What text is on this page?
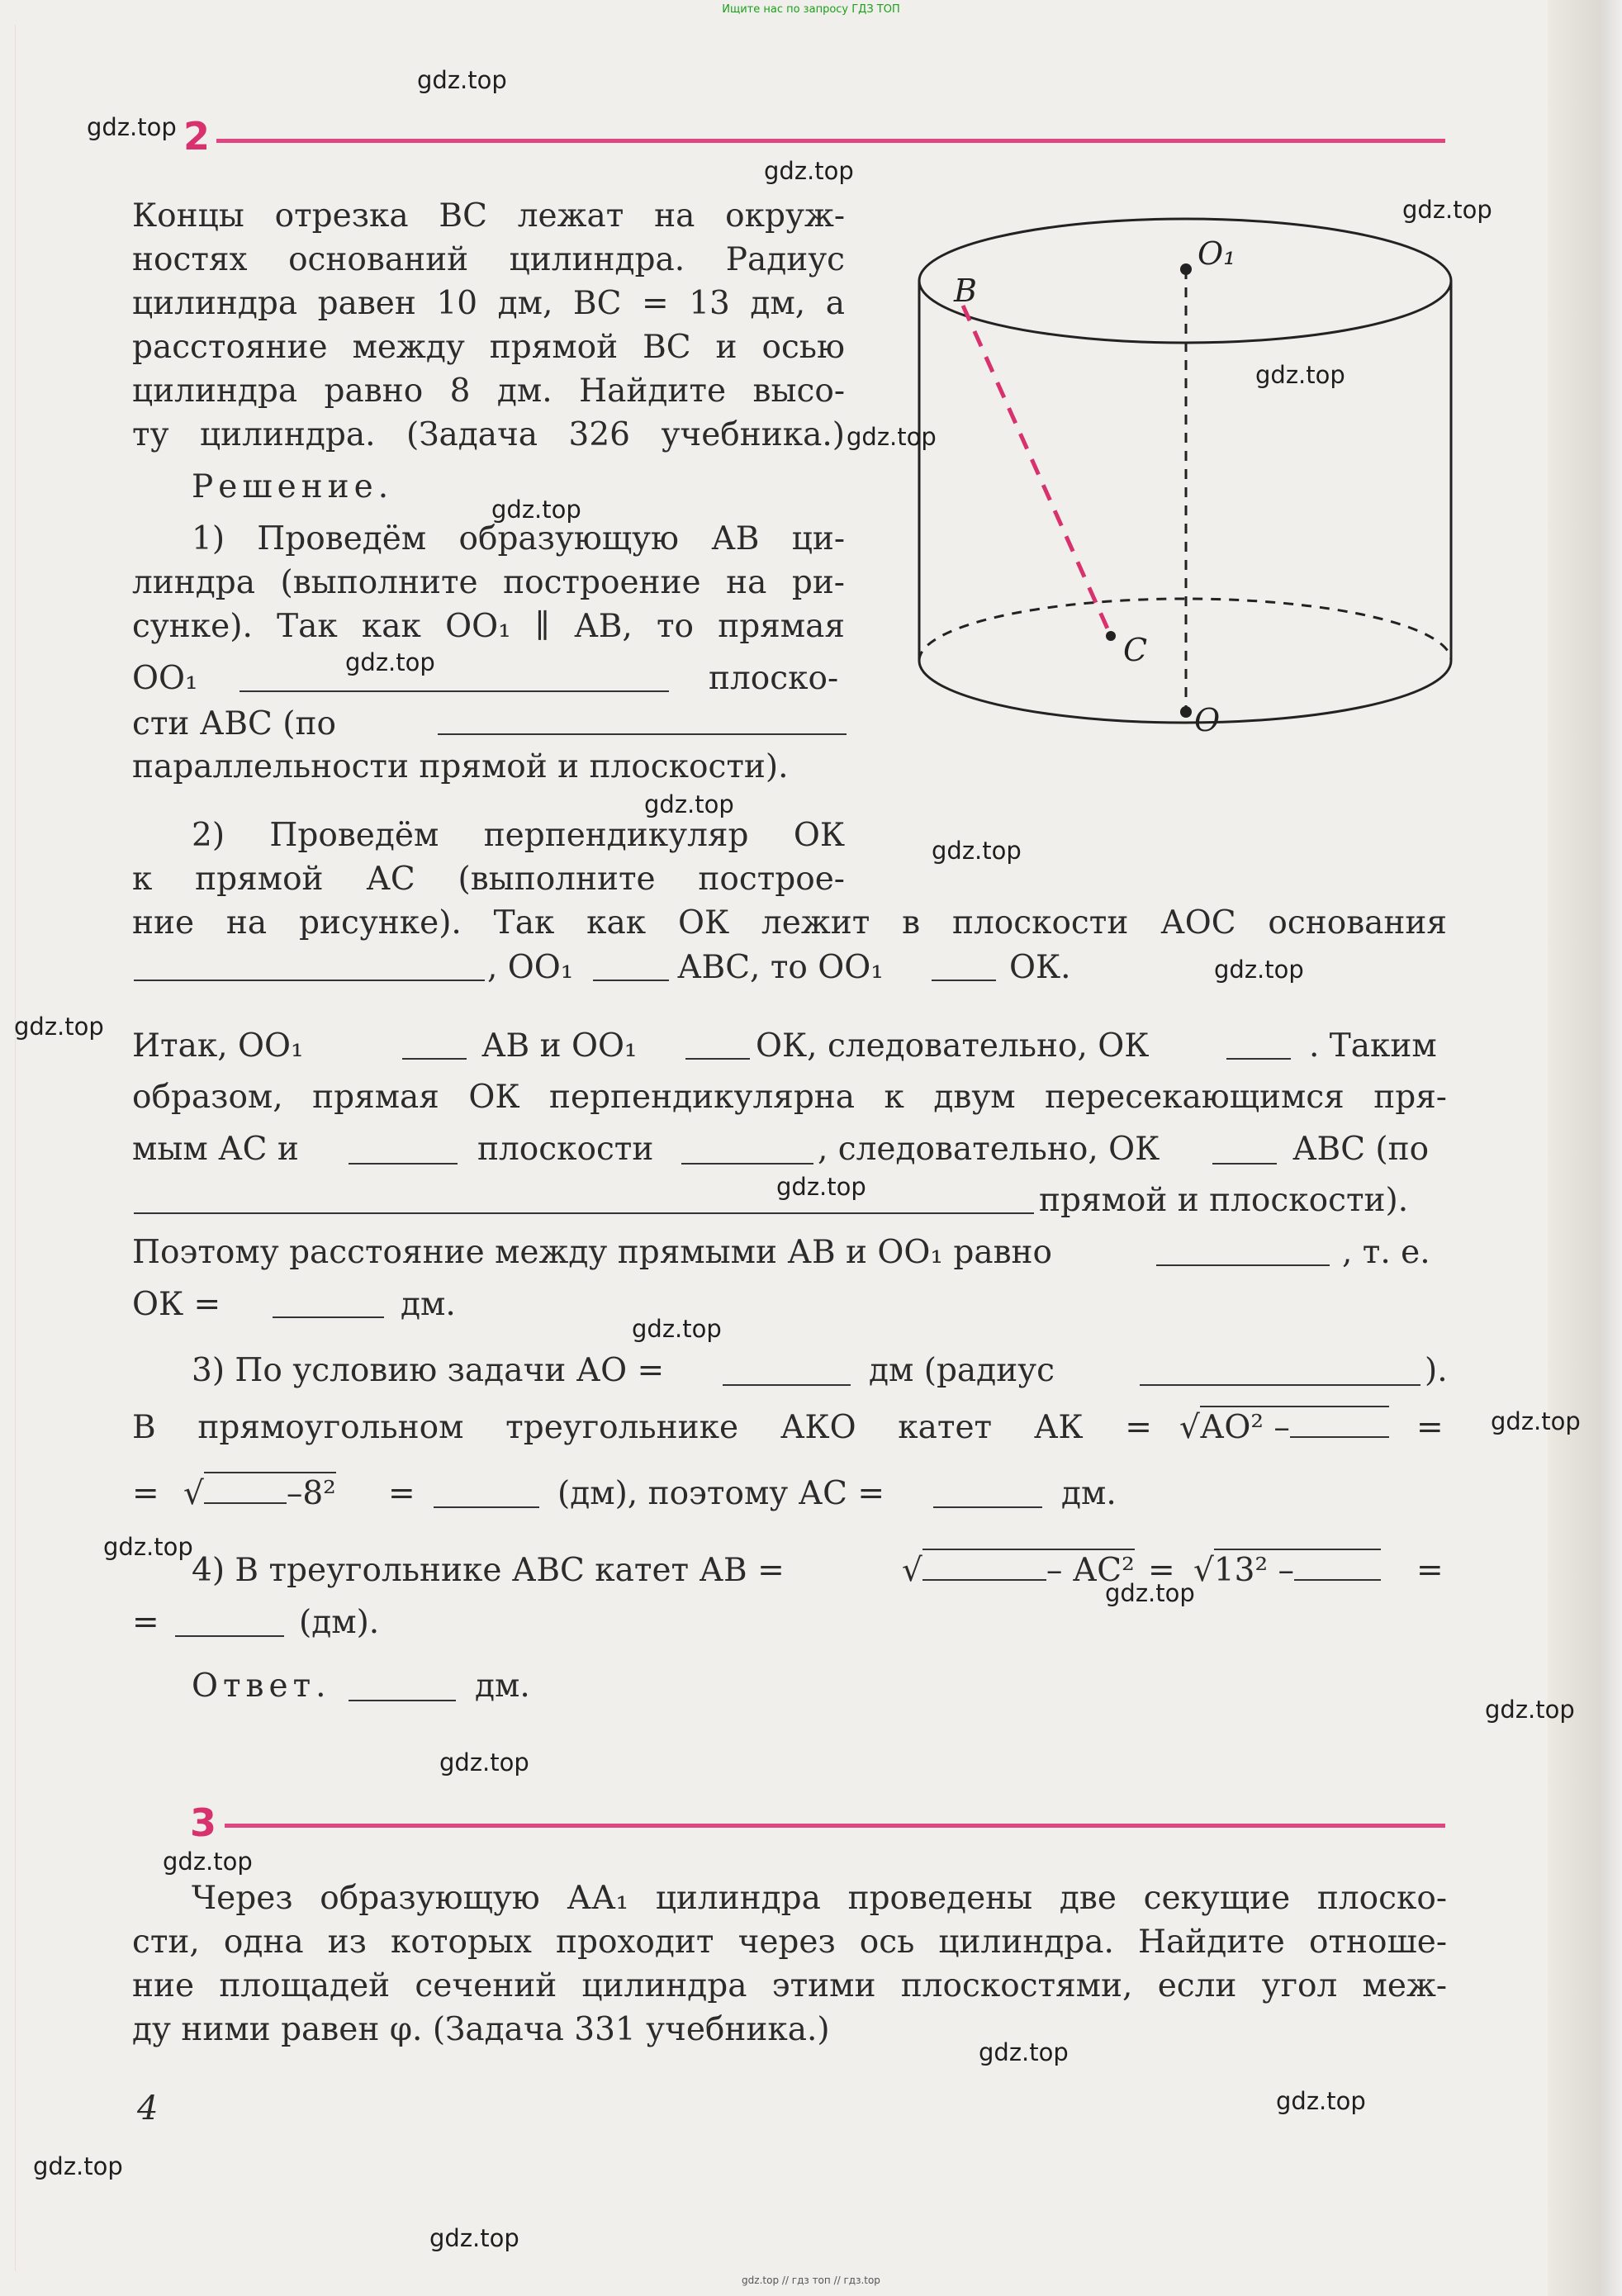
Ищите нас по запросу ГДЗ ТОП
2
Концы отрезка ВС лежат на окруж-
ностях оснований цилиндра. Радиус
цилиндра равен 10 дм, ВС = 13 дм, а
расстояние между прямой ВС и осью
цилиндра равно 8 дм. Найдите высо-
ту цилиндра. (Задача 326 учебника.)
Решение.
1) Проведём образующую АВ ци-
линдра (выполните построение на ри-
сунке). Так как OO₁ ∥ АВ, то прямая
OO₁	плоско-
сти АВС (по
параллельности прямой и плоскости).
2) Проведём перпендикуляр ОК
к прямой АС (выполните построе-
ние на рисунке). Так как ОК лежит в плоскости АОС основания
, OO₁	АВС, то OO₁	ОК.
Итак, OO₁	АВ и OO₁	ОК, следовательно, ОК	. Таким
образом, прямая ОК перпендикулярна к двум пересекающимся пря-
мым АС и	плоскости	, следовательно, ОК	АВС (по
прямой и плоскости).
Поэтому расстояние между прямыми АВ и OO₁ равно	, т. е.
ОК =	дм.
3) По условию задачи АО =	дм (радиус	).
В прямоугольном треугольнике АКО катет АК = √АО² –	=
= √	–8² =	(дм), поэтому АС =	дм.
4) В треугольнике АВС катет АВ =	√	– АС² = √13² –	=
=	(дм).
Ответ.	дм.
B
C
O
O₁
3
Через образующую АА₁ цилиндра проведены две секущие плоско-
сти, одна из которых проходит через ось цилиндра. Найдите отноше-
ние площадей сечений цилиндра этими плоскостями, если угол меж-
ду ними равен φ. (Задача 331 учебника.)
4
gdz.top
gdz.top
gdz.top
gdz.top
gdz.top
gdz.top
gdz.top
gdz.top
gdz.top
gdz.top
gdz.top
gdz.top
gdz.top
gdz.top
gdz.top
gdz.top
gdz.top
gdz.top
gdz.top
gdz.top
gdz.top
gdz.top
gdz.top
gdz.top
gdz.top // гдз топ // гдз.top
